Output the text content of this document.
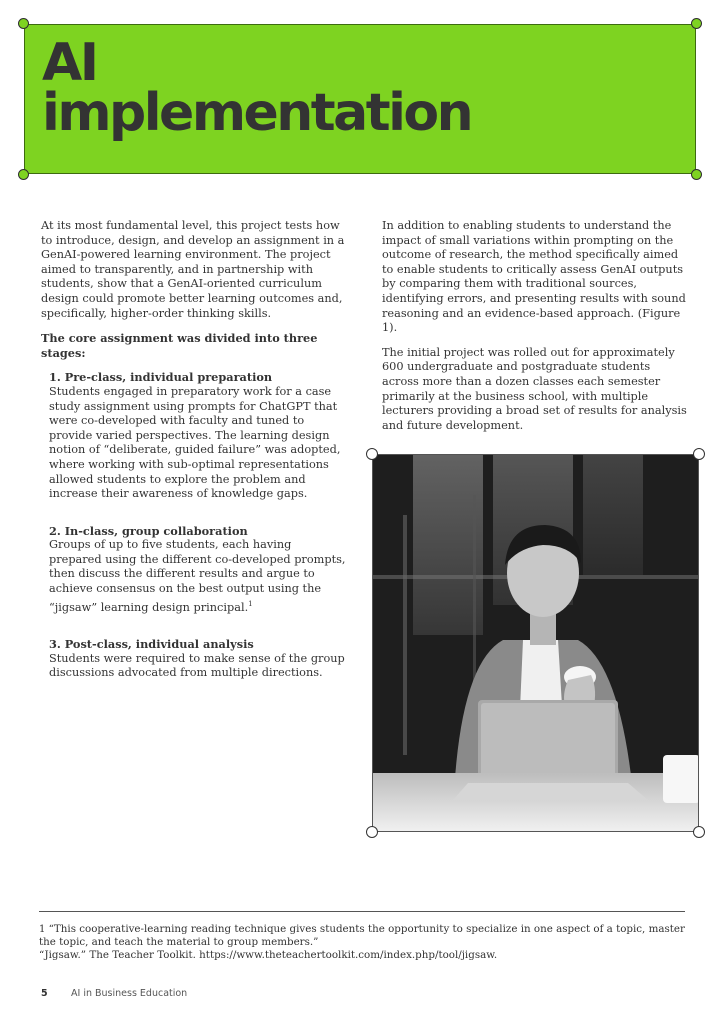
AI
implementation

At its most fundamental level, this project tests how to introduce, design, and develop an assignment in a GenAI-powered learning environment. The project aimed to transparently, and in partnership with students, show that a GenAI-oriented curriculum design could promote better learning outcomes and, specifically, higher-order thinking skills.

The core assignment was divided into three stages:

1. Pre-class, individual preparation
Students engaged in preparatory work for a case study assignment using prompts for ChatGPT that were co-developed with faculty and tuned to provide varied perspectives. The learning design notion of “deliberate, guided failure” was adopted, where working with sub-optimal representations allowed students to explore the problem and increase their awareness of knowledge gaps.
2. In-class, group collaboration
Groups of up to five students, each having prepared using the different co-developed prompts, then discuss the different results and argue to achieve consensus on the best output using the “jigsaw” learning design principal.$^1$
3. Post-class, individual analysis
Students were required to make sense of the group discussions advocated from multiple directions.

In addition to enabling students to understand the impact of small variations within prompting on the outcome of research, the method specifically aimed to enable students to critically assess GenAI outputs by comparing them with traditional sources, identifying errors, and presenting results with sound reasoning and an evidence-based approach. (Figure 1).

The initial project was rolled out for approximately 600 undergraduate and postgraduate students across more than a dozen classes each semester primarily at the business school, with multiple lecturers providing a broad set of results for analysis and future development.

1 “This cooperative-learning reading technique gives students the opportunity to specialize in one aspect of a topic, master the topic, and teach the material to group members.”

“Jigsaw.” The Teacher Toolkit. https://www.theteachertoolkit.com/index.php/tool/jigsaw.

5 AI in Business Education
